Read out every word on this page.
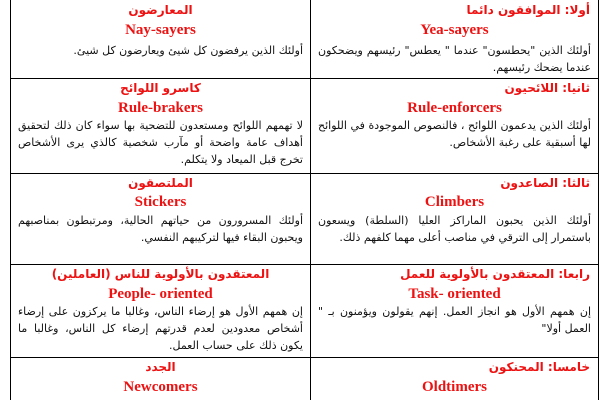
أولا: الموافقون دائما
Yea-sayers
أولئك الذين "يحطسون" عندما " يعطس" رئيسهم ويضحكون عندما يضحك رئيسهم.
المعارضون
Nay-sayers
أولئك الذين يرفضون كل شيئ ويعارضون كل شيئ.
ثانيا: اللائحيون
Rule-enforcers
أولئك الذين يدعمون اللوائح ، فالنصوص الموجودة في اللوائح لها أسبقية على رغبة الأشخاص.
كاسرو اللوائح
Rule-brakers
لا تهمهم اللوائح ومستعدون للتضحية بها سواء كان ذلك لتحقيق أهداف عامة واضحة أو مآرب شخصية كالذي يرى الأشخاص تخرج قبل الميعاد ولا يتكلم.
ثالثا: الصاعدون
Climbers
أولئك الذين يحبون الماراكز العليا (السلطة) ويسعون باستمرار إلى الترقي في مناصب أعلى مهما كلفهم ذلك.
الملتصقون
Stickers
أولئك المسرورون من حياتهم الحالية، ومرتبطون بمناصبهم ويحبون البقاء فيها لتركيبهم النفسي.
رابعا: المعتقدون بالأولوية للعمل
Task- oriented
إن همهم الأول هو انجاز العمل. إنهم يقولون ويؤمنون بـ " العمل أولا"
المعتقدون بالأولوية للناس (العاملين)
People- oriented
إن همهم الأول هو إرضاء الناس، وغالبا ما يركزون على إرضاء أشخاص معدودين لعدم قدرتهم إرضاء كل الناس، وغالبا ما يكون ذلك على حساب العمل.
خامسا: المحنكون
Oldtimers
الجدد
Newcomers
